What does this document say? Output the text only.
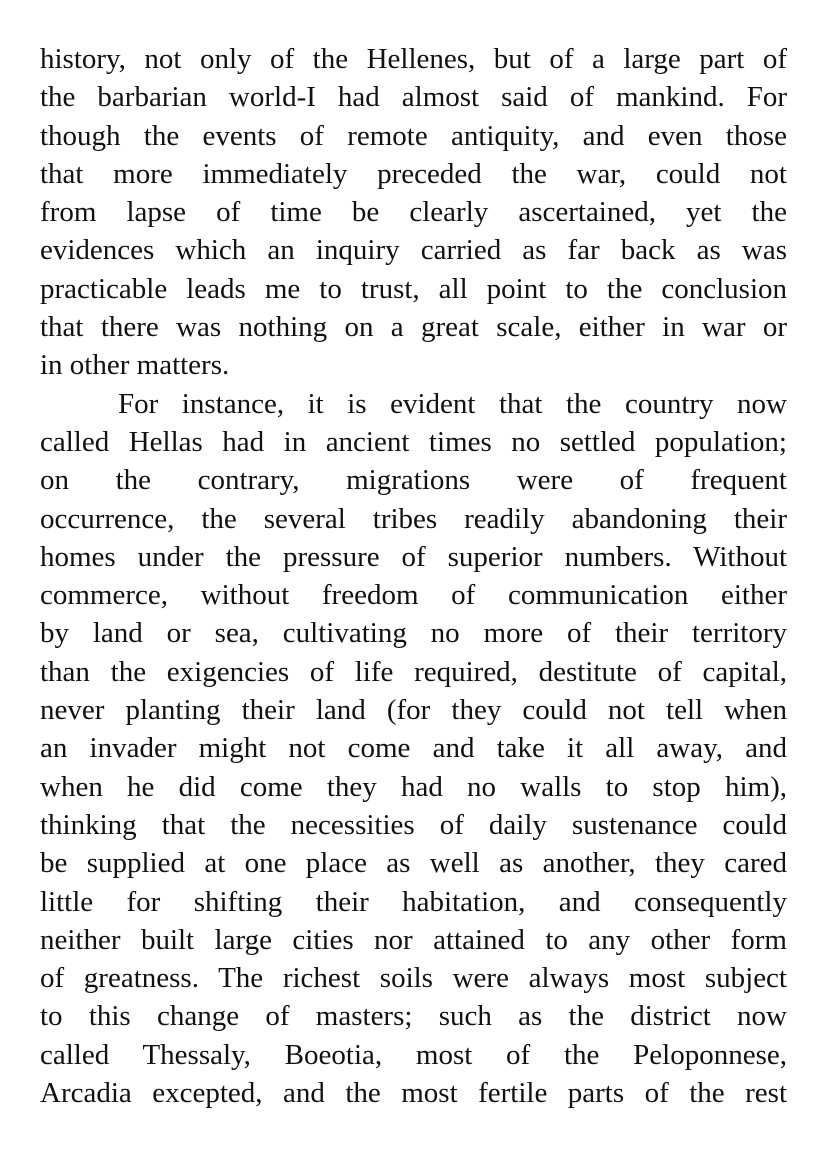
history, not only of the Hellenes, but of a large part of
the barbarian world-I had almost said of mankind. For
though the events of remote antiquity, and even those
that more immediately preceded the war, could not
from lapse of time be clearly ascertained, yet the
evidences which an inquiry carried as far back as was
practicable leads me to trust, all point to the conclusion
that there was nothing on a great scale, either in war or
in other matters.
For instance, it is evident that the country now
called Hellas had in ancient times no settled population;
on the contrary, migrations were of frequent
occurrence, the several tribes readily abandoning their
homes under the pressure of superior numbers. Without
commerce, without freedom of communication either
by land or sea, cultivating no more of their territory
than the exigencies of life required, destitute of capital,
never planting their land (for they could not tell when
an invader might not come and take it all away, and
when he did come they had no walls to stop him),
thinking that the necessities of daily sustenance could
be supplied at one place as well as another, they cared
little for shifting their habitation, and consequently
neither built large cities nor attained to any other form
of greatness. The richest soils were always most subject
to this change of masters; such as the district now
called Thessaly, Boeotia, most of the Peloponnese,
Arcadia excepted, and the most fertile parts of the rest
